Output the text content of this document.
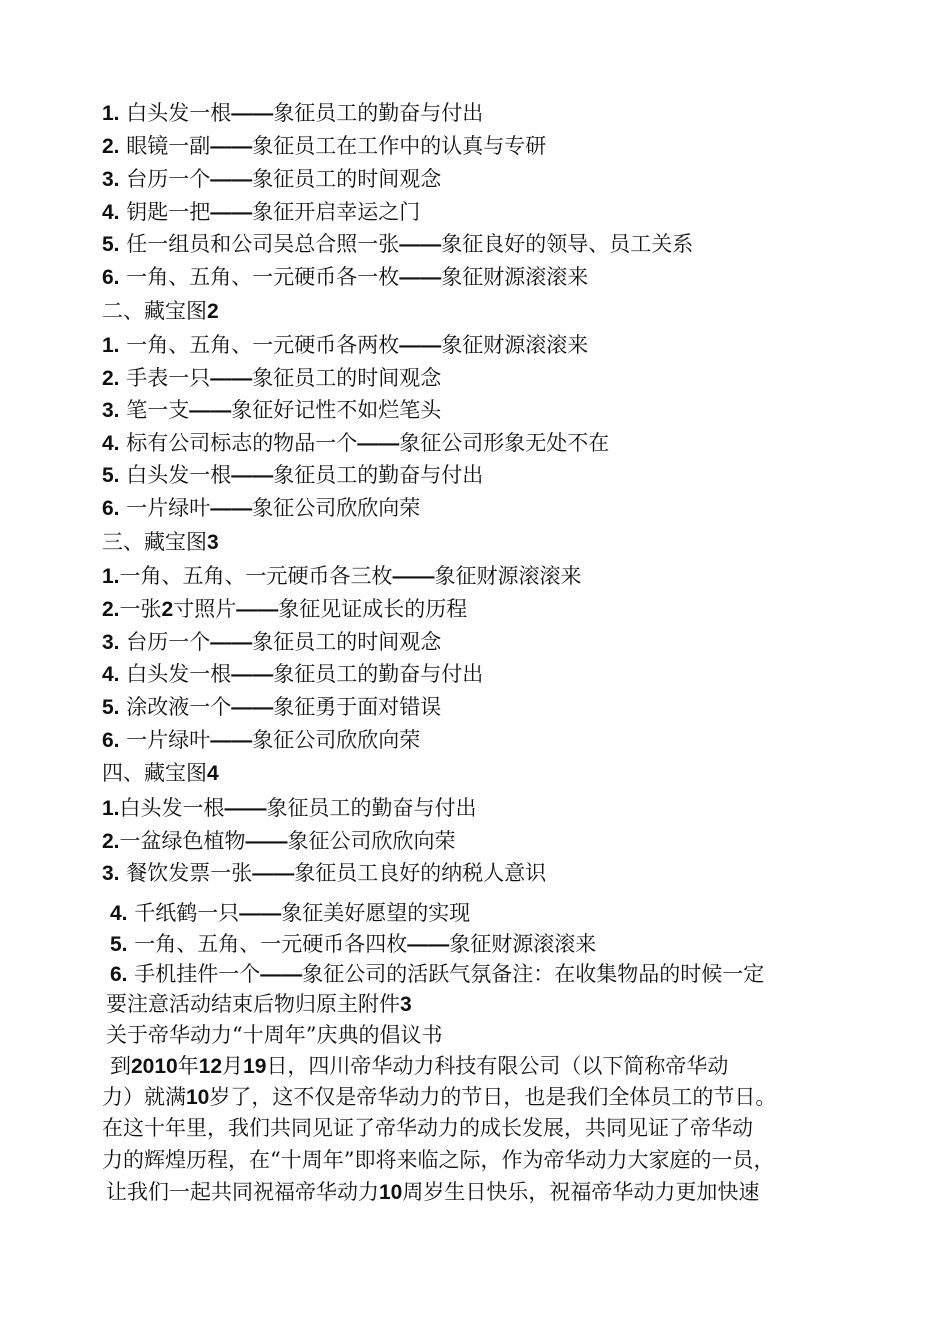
1. 白头发一根——象征员工的勤奋与付出
2. 眼镜一副——象征员工在工作中的认真与专研
3. 台历一个——象征员工的时间观念
4. 钥匙一把——象征开启幸运之门
5. 任一组员和公司吴总合照一张——象征良好的领导、员工关系
6. 一角、五角、一元硬币各一枚——象征财源滚滚来
二、藏宝图2
1. 一角、五角、一元硬币各两枚——象征财源滚滚来
2. 手表一只——象征员工的时间观念
3. 笔一支——象征好记性不如烂笔头
4. 标有公司标志的物品一个——象征公司形象无处不在
5. 白头发一根——象征员工的勤奋与付出
6. 一片绿叶——象征公司欣欣向荣
三、藏宝图3
1.一角、五角、一元硬币各三枚——象征财源滚滚来
2.一张2寸照片——象征见证成长的历程
3. 台历一个——象征员工的时间观念
4. 白头发一根——象征员工的勤奋与付出
5. 涂改液一个——象征勇于面对错误
6. 一片绿叶——象征公司欣欣向荣
四、藏宝图4
1.白头发一根——象征员工的勤奋与付出
2.一盆绿色植物——象征公司欣欣向荣
3. 餐饮发票一张——象征员工良好的纳税人意识
4. 千纸鹤一只——象征美好愿望的实现
5. 一角、五角、一元硬币各四枚——象征财源滚滚来
6. 手机挂件一个——象征公司的活跃气氛备注：在收集物品的时候一定
要注意活动结束后物归原主附件3
关于帝华动力“十周年”庆典的倡议书
到2010年12月19日，四川帝华动力科技有限公司（以下简称帝华动
力）就满10岁了，这不仅是帝华动力的节日，也是我们全体员工的节日。
在这十年里，我们共同见证了帝华动力的成长发展，共同见证了帝华动
力的辉煌历程，在“十周年”即将来临之际，作为帝华动力大家庭的一员，
让我们一起共同祝福帝华动力10周岁生日快乐，祝福帝华动力更加快速
